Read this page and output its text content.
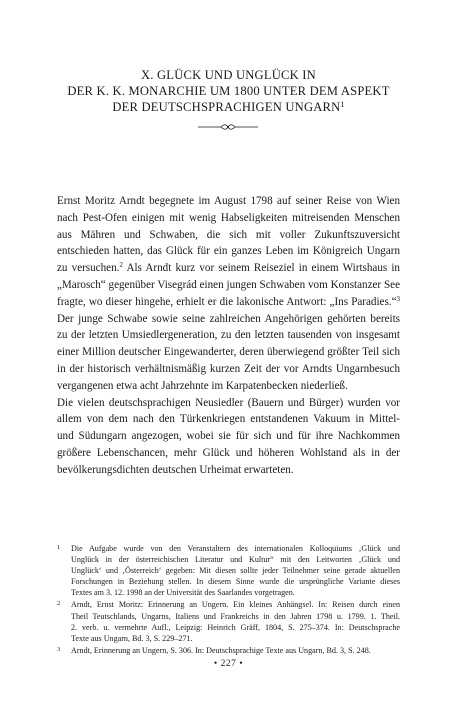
X. GLÜCK UND UNGLÜCK IN
DER K. K. MONARCHIE UM 1800 UNTER DEM ASPEKT
DER DEUTSCHSPRACHIGEN UNGARN$^1$
Ernst Moritz Arndt begegnete im August 1798 auf seiner Reise von Wien
nach Pest-Ofen einigen mit wenig Habseligkeiten mitreisenden Menschen
aus Mähren und Schwaben, die sich mit voller Zukunftszuversicht
entschieden hatten, das Glück für ein ganzes Leben im Königreich Ungarn
zu versuchen.$^2$ Als Arndt kurz vor seinem Reiseziel in einem Wirtshaus in
„Marosch“ gegenüber Visegrád einen jungen Schwaben vom Konstanzer See
fragte, wo dieser hingehe, erhielt er die lakonische Antwort: „Ins Paradies.“$^3$
Der junge Schwabe sowie seine zahlreichen Angehörigen gehörten bereits
zu der letzten Umsiedlergeneration, zu den letzten tausenden von insgesamt
einer Million deutscher Eingewanderter, deren überwiegend größter Teil sich
in der historisch verhältnismäßig kurzen Zeit der vor Arndts Ungarnbesuch
vergangenen etwa acht Jahrzehnte im Karpatenbecken niederließ.
Die vielen deutschsprachigen Neusiedler (Bauern und Bürger) wurden vor
allem von dem nach den Türkenkriegen entstandenen Vakuum in Mittel-
und Südungarn angezogen, wobei sie für sich und für ihre Nachkommen
größere Lebenschancen, mehr Glück und höheren Wohlstand als in der
bevölkerungsdichten deutschen Urheimat erwarteten.
1 Die Aufgabe wurde von den Veranstaltern des internationalen Kolloquiums ‚Glück und
Unglück in der österreichischen Literatur und Kultur“ mit den Leitworten ‚Glück und
Unglück‘ und ‚Österreich‘ gegeben: Mit diesen sollte jeder Teilnehmer seine gerade aktuellen
Forschungen in Beziehung stellen. In diesem Sinne wurde die ursprüngliche Variante dieses
Textes am 3. 12. 1998 an der Universität des Saarlandes vorgetragen.
2 Arndt, Ernst Moritz: Erinnerung an Ungern. Ein kleines Anhängsel. In: Reisen durch einen
Theil Teutschlands, Ungarns, Italiens und Frankreichs in den Jahren 1798 u. 1799. 1. Theil.
2. verb. u. vermehrte Aufl., Leipzig: Heinrich Gräff, 1804, S. 275–374. In: Deutschsprache
Texte aus Ungarn, Bd. 3, S. 229–271.
3 Arndt, Erinnerung an Ungern, S. 306. In: Deutschsprachige Texte aus Ungarn, Bd. 3, S. 248.
• 227 •
